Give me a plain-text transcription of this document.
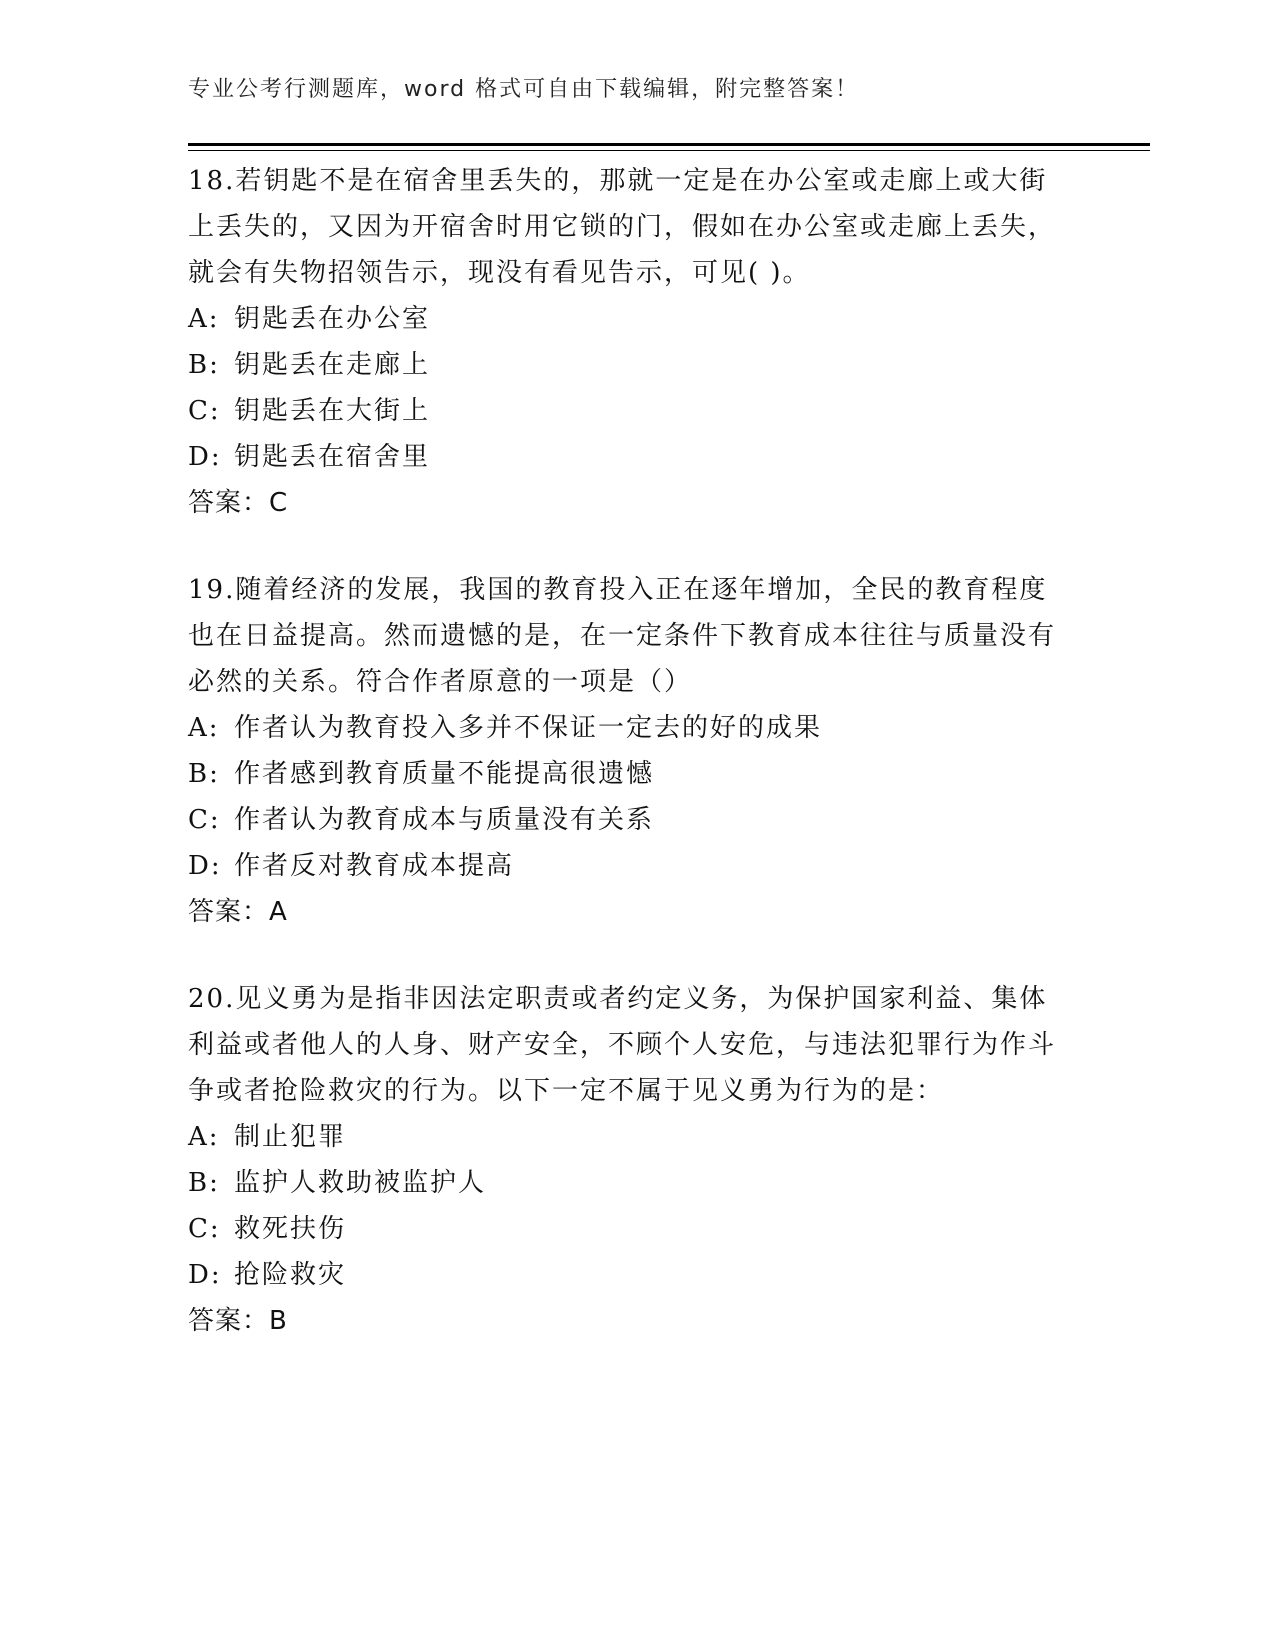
专业公考行测题库，word 格式可自由下载编辑，附完整答案！

18.若钥匙不是在宿舍里丢失的，那就一定是在办公室或走廊上或大街上丢失的，又因为开宿舍时用它锁的门，假如在办公室或走廊上丢失，就会有失物招领告示，现没有看见告示，可见( )。

A: 钥匙丢在办公室

B: 钥匙丢在走廊上

C: 钥匙丢在大街上

D: 钥匙丢在宿舍里

答案：C

19.随着经济的发展，我国的教育投入正在逐年增加，全民的教育程度也在日益提高。然而遗憾的是，在一定条件下教育成本往往与质量没有必然的关系。符合作者原意的一项是（）

A: 作者认为教育投入多并不保证一定去的好的成果

B: 作者感到教育质量不能提高很遗憾

C: 作者认为教育成本与质量没有关系

D: 作者反对教育成本提高

答案：A

20.见义勇为是指非因法定职责或者约定义务，为保护国家利益、集体利益或者他人的人身、财产安全，不顾个人安危，与违法犯罪行为作斗争或者抢险救灾的行为。以下一定不属于见义勇为行为的是：

A: 制止犯罪

B: 监护人救助被监护人

C: 救死扶伤

D: 抢险救灾

答案：B
